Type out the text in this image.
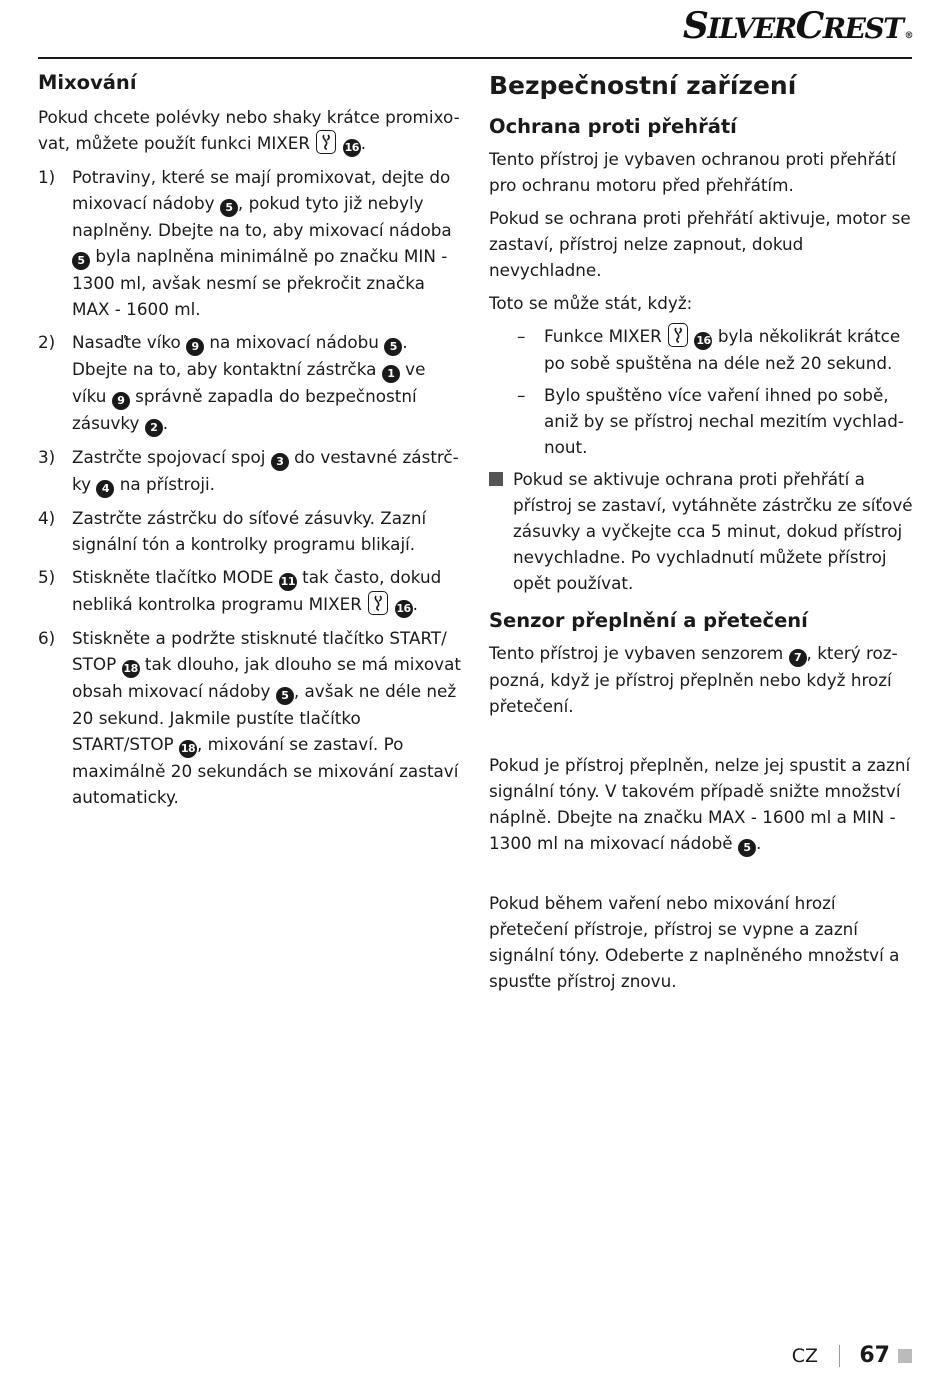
SILVERCREST ®
Mixování

Pokud chcete polévky nebo shaky krátce promixo-vat, můžete použít funkci MIXER	16 .

1) Potraviny, které se mají promixovat, dejte do mixovací nádoby 5 , pokud tyto již nebyly naplněny. Dbejte na to, aby mixovací nádoba 5 byla naplněna minimálně po značku MIN - 1300 ml, avšak nesmí se překročit značka MAX - 1600 ml.
2) Nasaďte víko 9 na mixovací nádobu 5 . Dbejte na to, aby kontaktní zástrčka 1 ve víku 9 správně zapadla do bezpečnostní zásuvky 2 .
3) Zastrčte spojovací spoj 3 do vestavné zástrč-ky 4 na přístroji.
4) Zastrčte zástrčku do síťové zásuvky. Zazní signální tón a kontrolky programu blikají.
5) Stiskněte tlačítko MODE 11 tak často, dokud nebliká kontrolka programu MIXER	16 .
6) Stiskněte a podržte stisknuté tlačítko START/ STOP 18 tak dlouho, jak dlouho se má mixovat obsah mixovací nádoby 5 , avšak ne déle než 20 sekund. Jakmile pustíte tlačítko START/STOP 18 , mixování se zastaví. Po maximálně 20 sekundách se mixování zastaví automaticky.
Bezpečnostní zařízení
Ochrana proti přehřátí

Tento přístroj je vybaven ochranou proti přehřátí pro ochranu motoru před přehřátím.

Pokud se ochrana proti přehřátí aktivuje, motor se zastaví, přístroj nelze zapnout, dokud nevychladne.

Toto se může stát, když:

– Funkce MIXER	16 byla několikrát krátce po sobě spuštěna na déle než 20 sekund.
– Bylo spuštěno více vaření ihned po sobě, aniž by se přístroj nechal mezitím vychlad-nout.
Pokud se aktivuje ochrana proti přehřátí a přístroj se zastaví, vytáhněte zástrčku ze síťové zásuvky a vyčkejte cca 5 minut, dokud přístroj nevychladne. Po vychladnutí můžete přístroj opět používat.
Senzor přeplnění a přetečení

Tento přístroj je vybaven senzorem 7 , který roz-pozná, když je přístroj přeplněn nebo když hrozí přetečení.

Pokud je přístroj přeplněn, nelze jej spustit a zazní signální tóny. V takovém případě snižte množství náplně. Dbejte na značku MAX - 1600 ml a MIN - 1300 ml na mixovací nádobě 5 .

Pokud během vaření nebo mixování hrozí přetečení přístroje, přístroj se vypne a zazní signální tóny. Odeberte z naplněného množství a spusťte přístroj znovu.

CZ 67
